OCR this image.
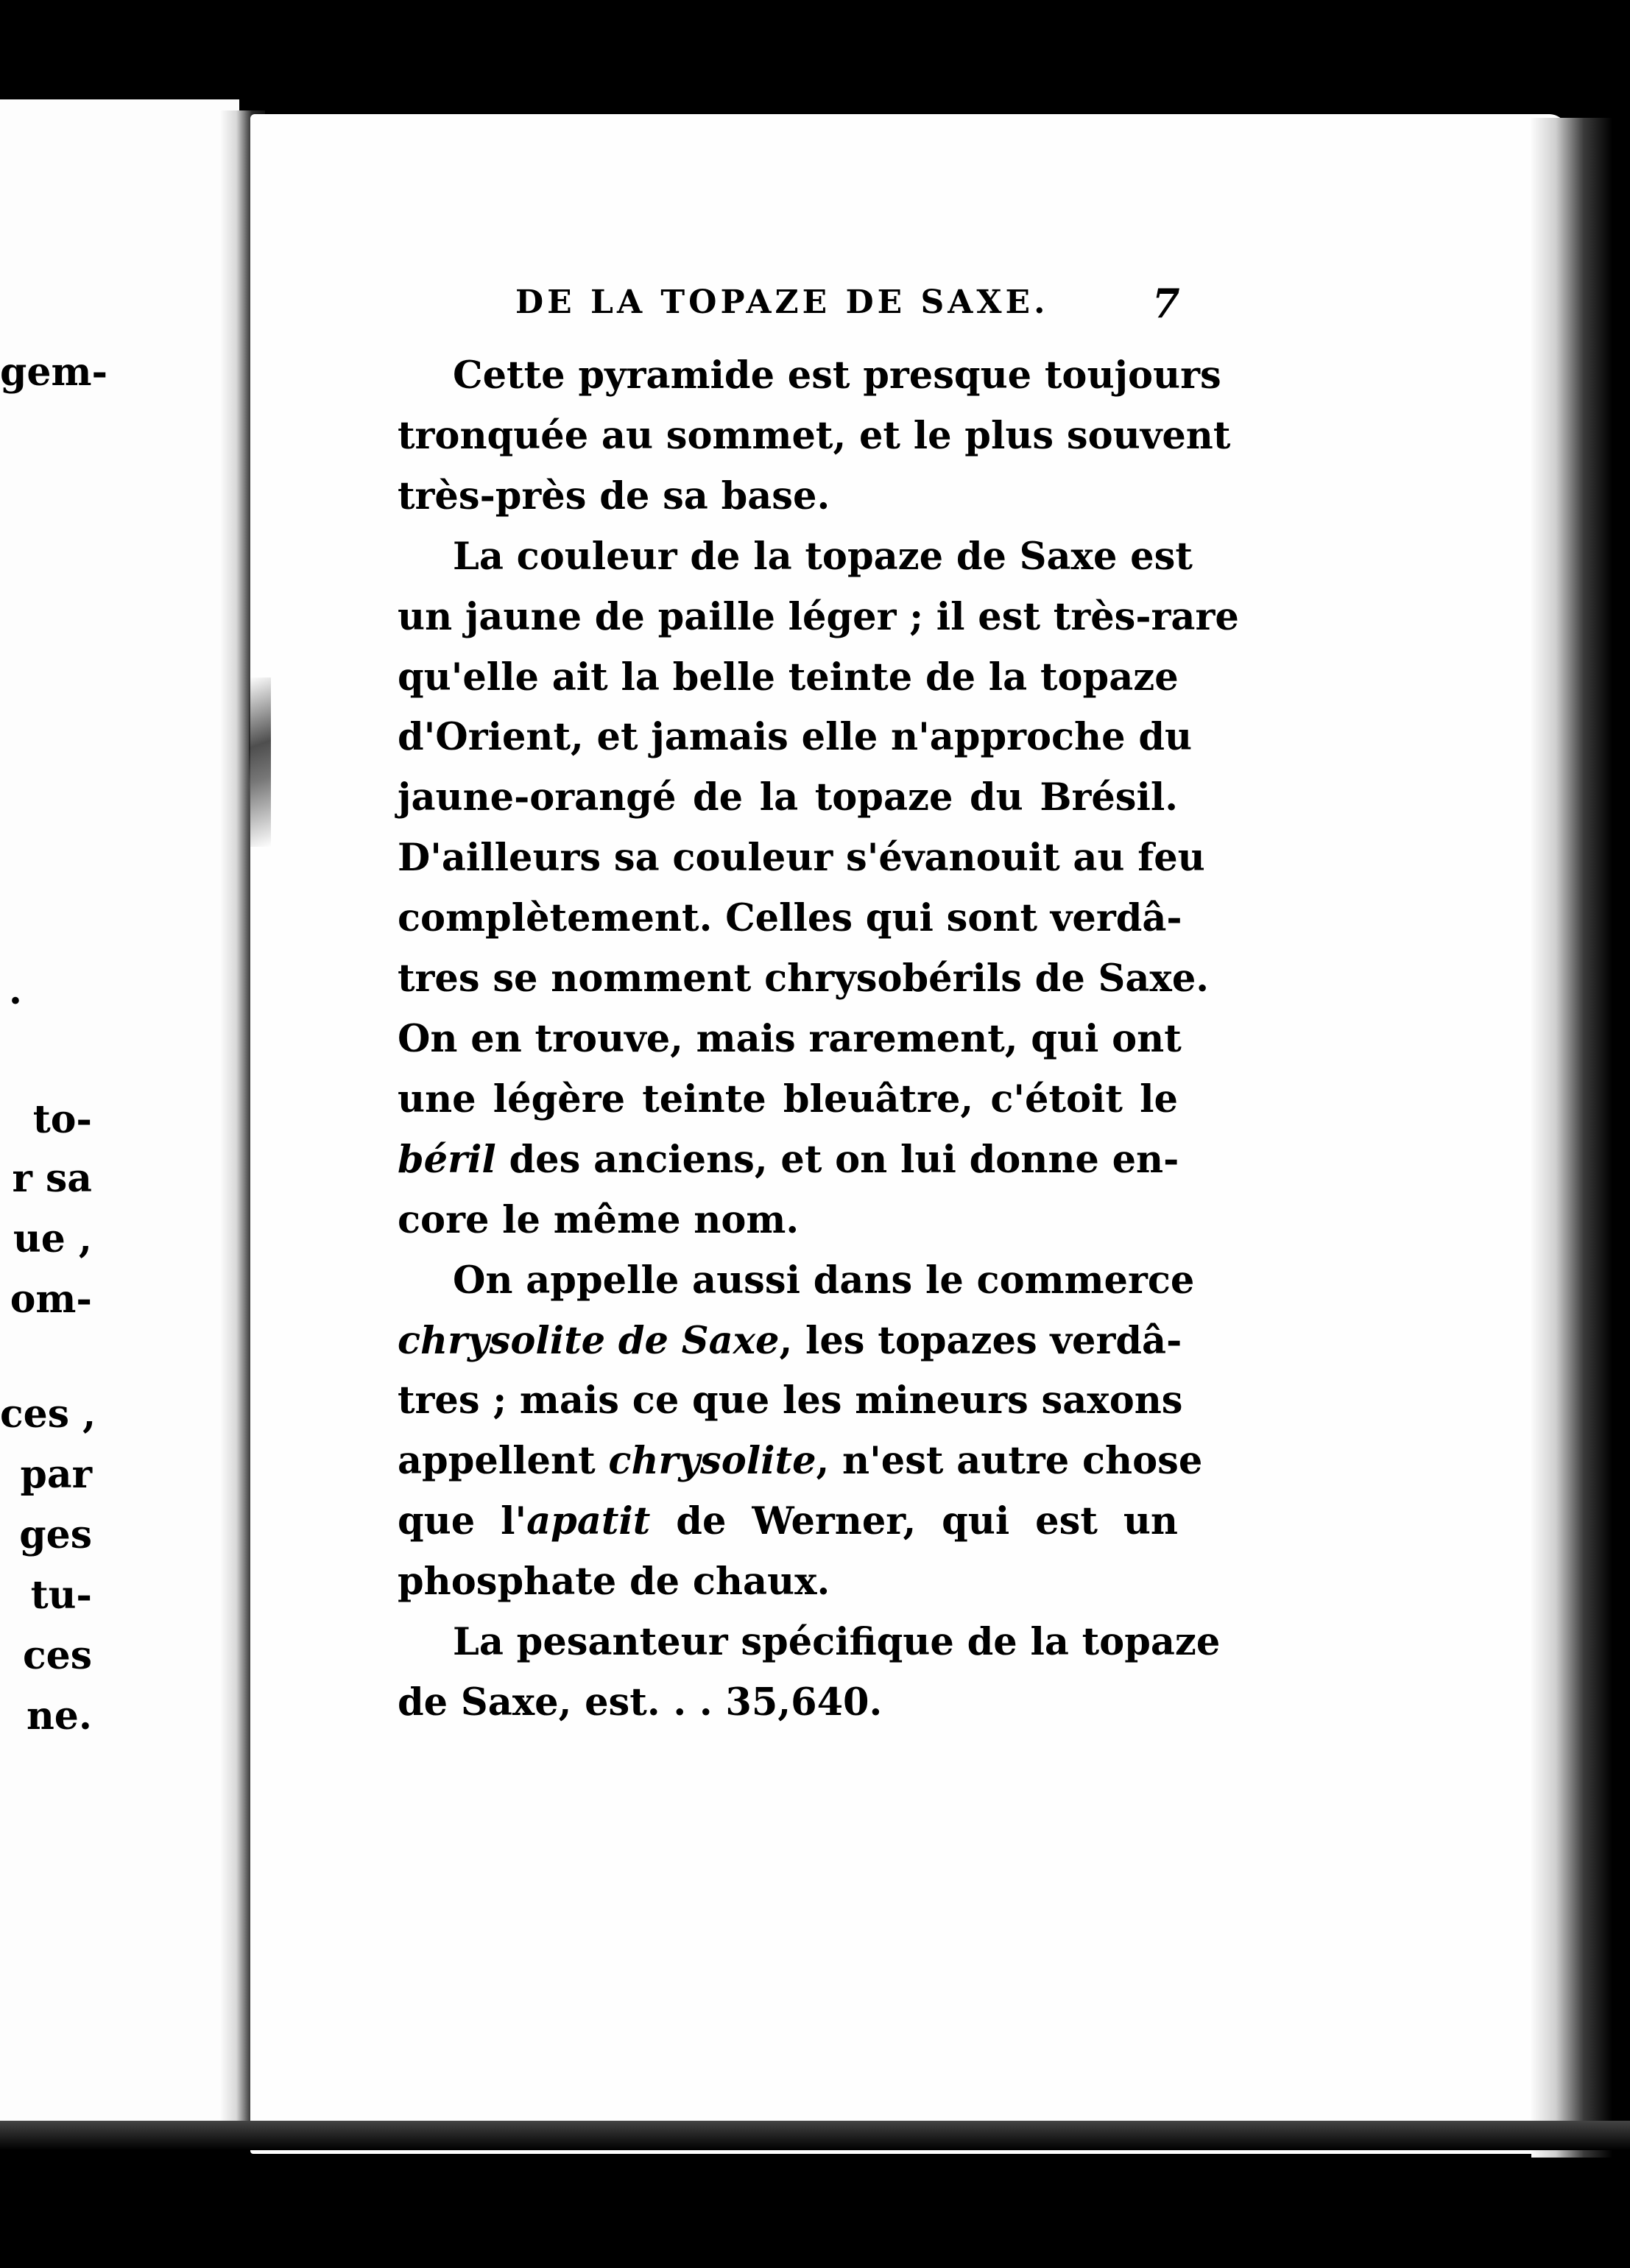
gem-
.
to-
r sa
ue ,
om-
ces ,
par
ges
tu-
ces
ne.
DE LA TOPAZE DE SAXE.	7
Cette pyramide est presque toujours
tronquée au sommet, et le plus souvent
très-près de sa base.
La couleur de la topaze de Saxe est
un jaune de paille léger ; il est très-rare
qu'elle ait la belle teinte de la topaze
d'Orient, et jamais elle n'approche du
jaune-orangé de la topaze du Brésil.
D'ailleurs sa couleur s'évanouit au feu
complètement. Celles qui sont verdâ-
tres se nomment chrysobérils de Saxe.
On en trouve, mais rarement, qui ont
une légère teinte bleuâtre, c'étoit le
béril des anciens, et on lui donne en-
core le même nom.
On appelle aussi dans le commerce
chrysolite de Saxe, les topazes verdâ-
tres ; mais ce que les mineurs saxons
appellent chrysolite, n'est autre chose
que l'apatit de Werner, qui est un
phosphate de chaux.
La pesanteur spécifique de la topaze
de Saxe, est. . . 35,640.
